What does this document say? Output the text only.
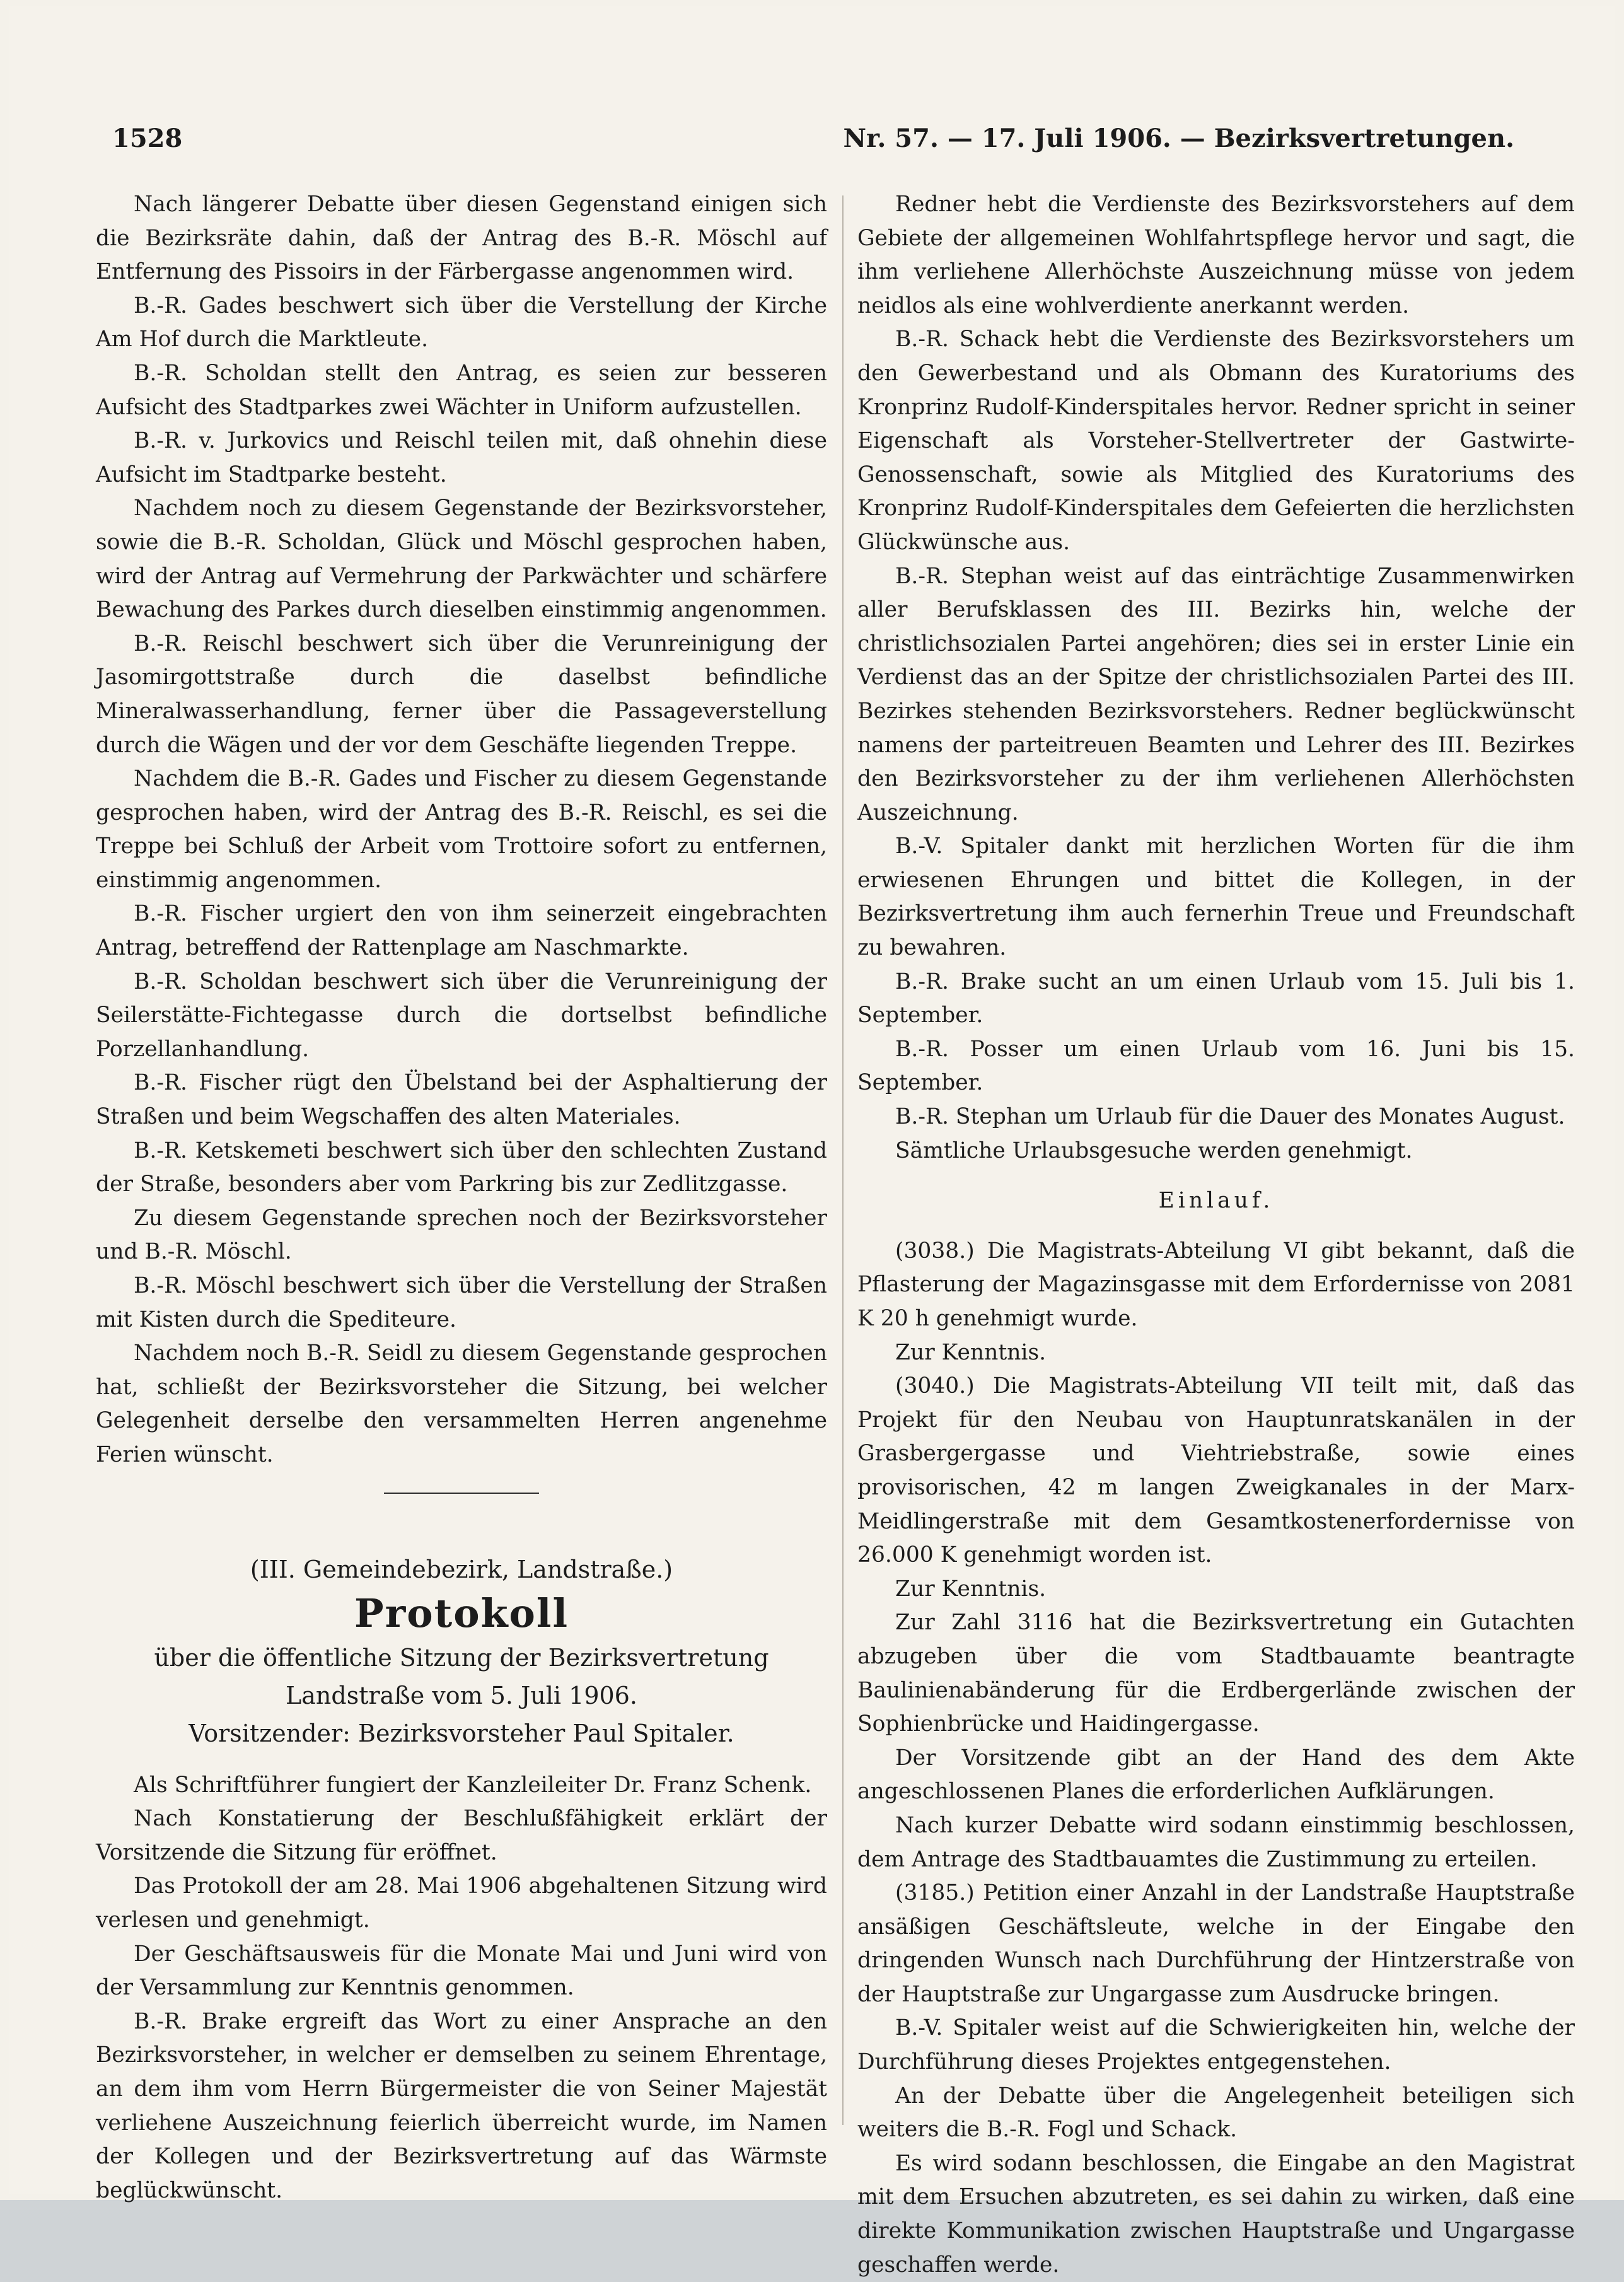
1528	Nr. 57. — 17. Juli 1906. — Bezirksvertretungen.

Nach längerer Debatte über diesen Gegenstand einigen sich die Bezirksräte dahin, daß der Antrag des B.-R. Möschl auf Entfernung des Pissoirs in der Färbergasse angenommen wird.

B.-R. Gades beschwert sich über die Verstellung der Kirche Am Hof durch die Marktleute.

B.-R. Scholdan stellt den Antrag, es seien zur besseren Aufsicht des Stadtparkes zwei Wächter in Uniform aufzustellen.

B.-R. v. Jurkovics und Reischl teilen mit, daß ohnehin diese Aufsicht im Stadtparke besteht.

Nachdem noch zu diesem Gegenstande der Bezirksvorsteher, sowie die B.-R. Scholdan, Glück und Möschl gesprochen haben, wird der Antrag auf Vermehrung der Parkwächter und schärfere Bewachung des Parkes durch dieselben einstimmig angenommen.

B.-R. Reischl beschwert sich über die Verunreinigung der Jasomirgottstraße durch die daselbst befindliche Mineralwasserhandlung, ferner über die Passageverstellung durch die Wägen und der vor dem Geschäfte liegenden Treppe.

Nachdem die B.-R. Gades und Fischer zu diesem Gegenstande gesprochen haben, wird der Antrag des B.-R. Reischl, es sei die Treppe bei Schluß der Arbeit vom Trottoire sofort zu entfernen, einstimmig angenommen.

B.-R. Fischer urgiert den von ihm seinerzeit eingebrachten Antrag, betreffend der Rattenplage am Naschmarkte.

B.-R. Scholdan beschwert sich über die Verunreinigung der Seilerstätte-Fichtegasse durch die dortselbst befindliche Porzellanhandlung.

B.-R. Fischer rügt den Übelstand bei der Asphaltierung der Straßen und beim Wegschaffen des alten Materiales.

B.-R. Ketskemeti beschwert sich über den schlechten Zustand der Straße, besonders aber vom Parkring bis zur Zedlitzgasse.

Zu diesem Gegenstande sprechen noch der Bezirksvorsteher und B.-R. Möschl.

B.-R. Möschl beschwert sich über die Verstellung der Straßen mit Kisten durch die Spediteure.

Nachdem noch B.-R. Seidl zu diesem Gegenstande gesprochen hat, schließt der Bezirksvorsteher die Sitzung, bei welcher Gelegenheit derselbe den versammelten Herren angenehme Ferien wünscht.

(III. Gemeindebezirk, Landstraße.)
Protokoll
über die öffentliche Sitzung der Bezirksvertretung
Landstraße vom 5. Juli 1906.
Vorsitzender: Bezirksvorsteher Paul Spitaler.

Als Schriftführer fungiert der Kanzleileiter Dr. Franz Schenk.

Nach Konstatierung der Beschlußfähigkeit erklärt der Vorsitzende die Sitzung für eröffnet.

Das Protokoll der am 28. Mai 1906 abgehaltenen Sitzung wird verlesen und genehmigt.

Der Geschäftsausweis für die Monate Mai und Juni wird von der Versammlung zur Kenntnis genommen.

B.-R. Brake ergreift das Wort zu einer Ansprache an den Bezirksvorsteher, in welcher er demselben zu seinem Ehrentage, an dem ihm vom Herrn Bürgermeister die von Seiner Majestät verliehene Auszeichnung feierlich überreicht wurde, im Namen der Kollegen und der Bezirksvertretung auf das Wärmste beglückwünscht.

Redner hebt die Verdienste des Bezirksvorstehers auf dem Gebiete der allgemeinen Wohlfahrtspflege hervor und sagt, die ihm verliehene Allerhöchste Auszeichnung müsse von jedem neidlos als eine wohlverdiente anerkannt werden.

B.-R. Schack hebt die Verdienste des Bezirksvorstehers um den Gewerbestand und als Obmann des Kuratoriums des Kronprinz Rudolf-Kinderspitales hervor. Redner spricht in seiner Eigenschaft als Vorsteher-Stellvertreter der Gastwirte-Genossenschaft, sowie als Mitglied des Kuratoriums des Kronprinz Rudolf-Kinderspitales dem Gefeierten die herzlichsten Glückwünsche aus.

B.-R. Stephan weist auf das einträchtige Zusammenwirken aller Berufsklassen des III. Bezirks hin, welche der christlichsozialen Partei angehören; dies sei in erster Linie ein Verdienst das an der Spitze der christlichsozialen Partei des III. Bezirkes stehenden Bezirksvorstehers. Redner beglückwünscht namens der parteitreuen Beamten und Lehrer des III. Bezirkes den Bezirksvorsteher zu der ihm verliehenen Allerhöchsten Auszeichnung.

B.-V. Spitaler dankt mit herzlichen Worten für die ihm erwiesenen Ehrungen und bittet die Kollegen, in der Bezirksvertretung ihm auch fernerhin Treue und Freundschaft zu bewahren.

B.-R. Brake sucht an um einen Urlaub vom 15. Juli bis 1. September.

B.-R. Posser um einen Urlaub vom 16. Juni bis 15. September.

B.-R. Stephan um Urlaub für die Dauer des Monates August.

Sämtliche Urlaubsgesuche werden genehmigt.

Einlauf.

(3038.) Die Magistrats-Abteilung VI gibt bekannt, daß die Pflasterung der Magazinsgasse mit dem Erfordernisse von 2081 K 20 h genehmigt wurde.

Zur Kenntnis.

(3040.) Die Magistrats-Abteilung VII teilt mit, daß das Projekt für den Neubau von Hauptunratskanälen in der Grasbergergasse und Viehtriebstraße, sowie eines provisorischen, 42 m langen Zweigkanales in der Marx-Meidlingerstraße mit dem Gesamtkostenerfordernisse von 26.000 K genehmigt worden ist.

Zur Kenntnis.

Zur Zahl 3116 hat die Bezirksvertretung ein Gutachten abzugeben über die vom Stadtbauamte beantragte Baulinienabänderung für die Erdbergerlände zwischen der Sophienbrücke und Haidingergasse.

Der Vorsitzende gibt an der Hand des dem Akte angeschlossenen Planes die erforderlichen Aufklärungen.

Nach kurzer Debatte wird sodann einstimmig beschlossen, dem Antrage des Stadtbauamtes die Zustimmung zu erteilen.

(3185.) Petition einer Anzahl in der Landstraße Hauptstraße ansäßigen Geschäftsleute, welche in der Eingabe den dringenden Wunsch nach Durchführung der Hintzerstraße von der Hauptstraße zur Ungargasse zum Ausdrucke bringen.

B.-V. Spitaler weist auf die Schwierigkeiten hin, welche der Durchführung dieses Projektes entgegenstehen.

An der Debatte über die Angelegenheit beteiligen sich weiters die B.-R. Fogl und Schack.

Es wird sodann beschlossen, die Eingabe an den Magistrat mit dem Ersuchen abzutreten, es sei dahin zu wirken, daß eine direkte Kommunikation zwischen Hauptstraße und Ungargasse geschaffen werde.
